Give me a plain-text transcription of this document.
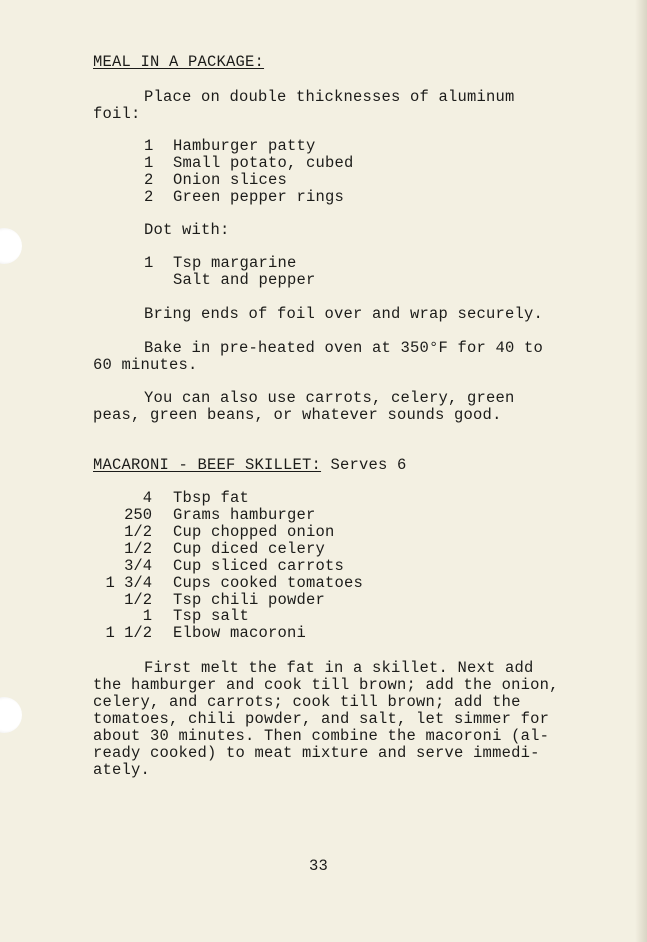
MEAL IN A PACKAGE:
Place on double thicknesses of aluminum
foil:
1 Hamburger patty
1 Small potato, cubed
2 Onion slices
2 Green pepper rings
Dot with:
1 Tsp margarine
Salt and pepper
Bring ends of foil over and wrap securely.
Bake in pre-heated oven at 350°F for 40 to
60 minutes.
You can also use carrots, celery, green
peas, green beans, or whatever sounds good.
MACARONI - BEEF SKILLET: Serves 6
4 Tbsp fat
250 Grams hamburger
1/2 Cup chopped onion
1/2 Cup diced celery
3/4 Cup sliced carrots
1 3/4 Cups cooked tomatoes
1/2 Tsp chili powder
1 Tsp salt
1 1/2 Elbow macoroni
First melt the fat in a skillet. Next add
the hamburger and cook till brown; add the onion,
celery, and carrots; cook till brown; add the
tomatoes, chili powder, and salt, let simmer for
about 30 minutes. Then combine the macoroni (al-
ready cooked) to meat mixture and serve immedi-
ately.
33
